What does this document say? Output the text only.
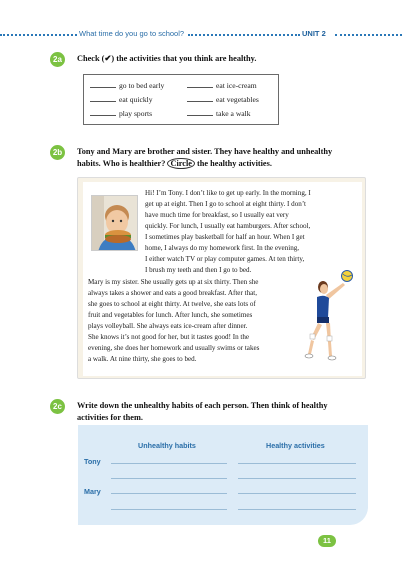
What time do you go to school?	UNIT 2
2a	Check (✔) the activities that you think are healthy.
go to bed early	eat ice-cream
eat quickly	eat vegetables
play sports	take a walk
2b	Tony and Mary are brother and sister. They have healthy and unhealthy
habits. Who is healthier? Circle the healthy activities.
Hi! I’m Tony. I don’t like to get up early. In the morning, I
get up at eight. Then I go to school at eight thirty. I don’t
have much time for breakfast, so I usually eat very
quickly. For lunch, I usually eat hamburgers. After school,
I sometimes play basketball for half an hour. When I get
home, I always do my homework first. In the evening,
I either watch TV or play computer games. At ten thirty,
I brush my teeth and then I go to bed.
Mary is my sister. She usually gets up at six thirty. Then she
always takes a shower and eats a good breakfast. After that,
she goes to school at eight thirty. At twelve, she eats lots of
fruit and vegetables for lunch. After lunch, she sometimes
plays volleyball. She always eats ice-cream after dinner.
She knows it’s not good for her, but it tastes good! In the
evening, she does her homework and usually swims or takes
a walk. At nine thirty, she goes to bed.
2c	Write down the unhealthy habits of each person. Then think of healthy
activities for them.
Unhealthy habits	Healthy activities
Tony
Mary
11
